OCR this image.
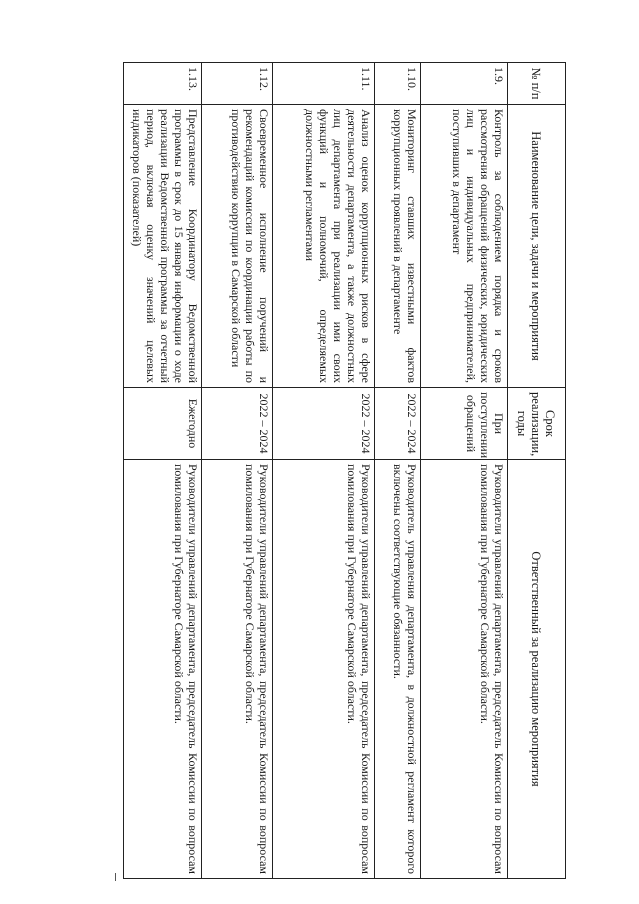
№ п/п	Наименование цели, задачи и мероприятия	Срок реализации, годы	Ответственный за реализацию мероприятия
1.9.	Контроль за соблюдением порядка и сроков рассмотрения обращений физических, юридических лиц и индивидуальных предпринимателей, поступивших в департамент	При поступлении обращений	Руководители управлений департамента, председатель Комиссии по вопросам помилования при Губернаторе Самарской области.
1.10.	Мониторинг ставших известными фактов коррупционных проявлений в департаменте	2022 – 2024	Руководитель управления департамента, в должностной регламент которого включены соответствующие обязанности.
1.11.	Анализ оценок коррупционных рисков в сфере деятельности департамента, а также должностных лиц департамента при реализации ими своих функций и полномочий, определяемых должностными регламентами	2022 – 2024	Руководители управлений департамента, председатель Комиссии по вопросам помилования при Губернаторе Самарской области.
1.12.	Своевременное исполнение поручений и рекомендаций комиссии по координации работы по противодействию коррупции в Самарской области	2022 – 2024	Руководители управлений департамента, председатель Комиссии по вопросам помилования при Губернаторе Самарской области.
1.13.	Представление Координатору Ведомственной программы в срок до 15 января информации о ходе реализации Ведомственной программы за отчетный период, включая оценку значений целевых индикаторов (показателей)	Ежегодно	Руководители управлений департамента, председатель Комиссии по вопросам помилования при Губернаторе Самарской области.
